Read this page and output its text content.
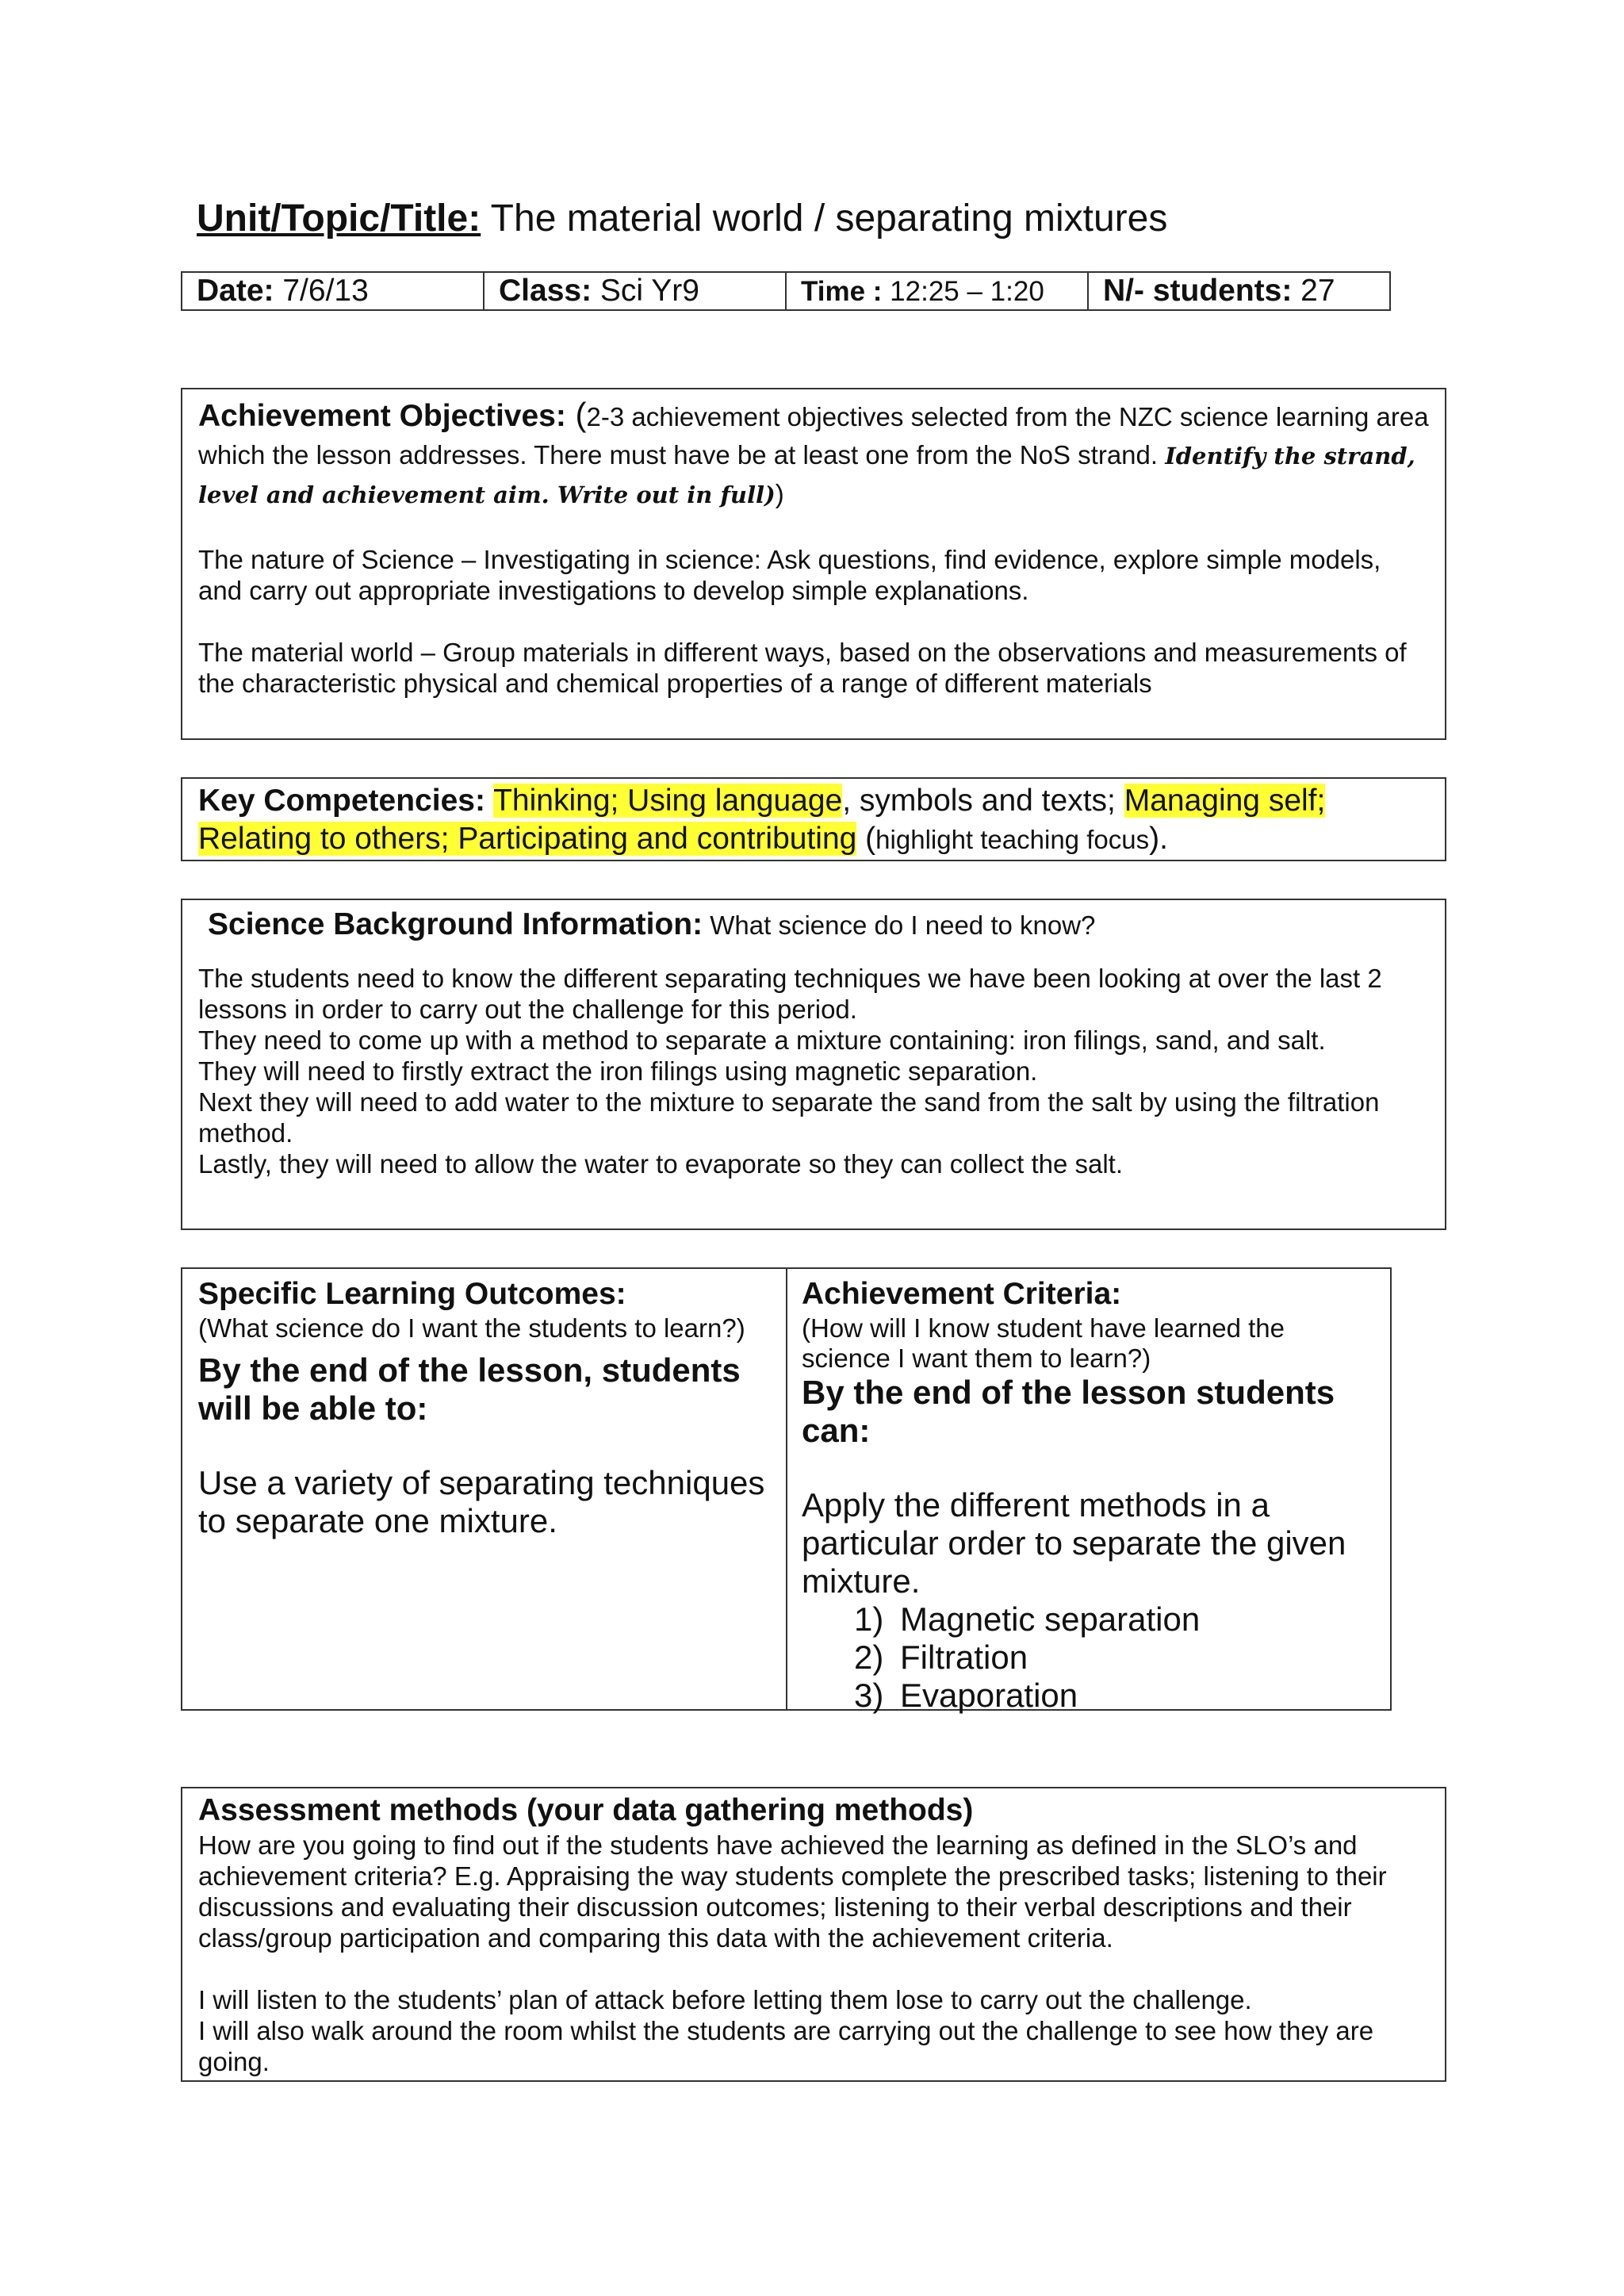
Unit/Topic/Title: The material world / separating mixtures
Date: 7/6/13	Class: Sci Yr9	Time : 12:25 – 1:20	N/- students: 27

Achievement Objectives: (2-3 achievement objectives selected from the NZC science learning area which the lesson addresses. There must have be at least one from the NoS strand. Identify the strand, level and achievement aim. Write out in full))

The nature of Science – Investigating in science: Ask questions, find evidence, explore simple models, and carry out appropriate investigations to develop simple explanations.

The material world – Group materials in different ways, based on the observations and measurements of the characteristic physical and chemical properties of a range of different materials

Key Competencies: Thinking; Using language, symbols and texts; Managing self;
Relating to others; Participating and contributing (highlight teaching focus).

Science Background Information: What science do I need to know?

The students need to know the different separating techniques we have been looking at over the last 2 lessons in order to carry out the challenge for this period.

They need to come up with a method to separate a mixture containing: iron filings, sand, and salt.

They will need to firstly extract the iron filings using magnetic separation.

Next they will need to add water to the mixture to separate the sand from the salt by using the filtration method.

Lastly, they will need to allow the water to evaporate so they can collect the salt.

Specific Learning Outcomes:
(What science do I want the students to learn?)
By the end of the lesson, students will be able to:
Use a variety of separating techniques to separate one mixture.
Achievement Criteria:
(How will I know student have learned the science I want them to learn?)
By the end of the lesson students can:
Apply the different methods in a particular order to separate the given mixture.
1) Magnetic separation
2) Filtration
3) Evaporation
Assessment methods (your data gathering methods)

How are you going to find out if the students have achieved the learning as defined in the SLO’s and achievement criteria? E.g. Appraising the way students complete the prescribed tasks; listening to their discussions and evaluating their discussion outcomes; listening to their verbal descriptions and their class/group participation and comparing this data with the achievement criteria.

I will listen to the students’ plan of attack before letting them lose to carry out the challenge.

I will also walk around the room whilst the students are carrying out the challenge to see how they are going.
